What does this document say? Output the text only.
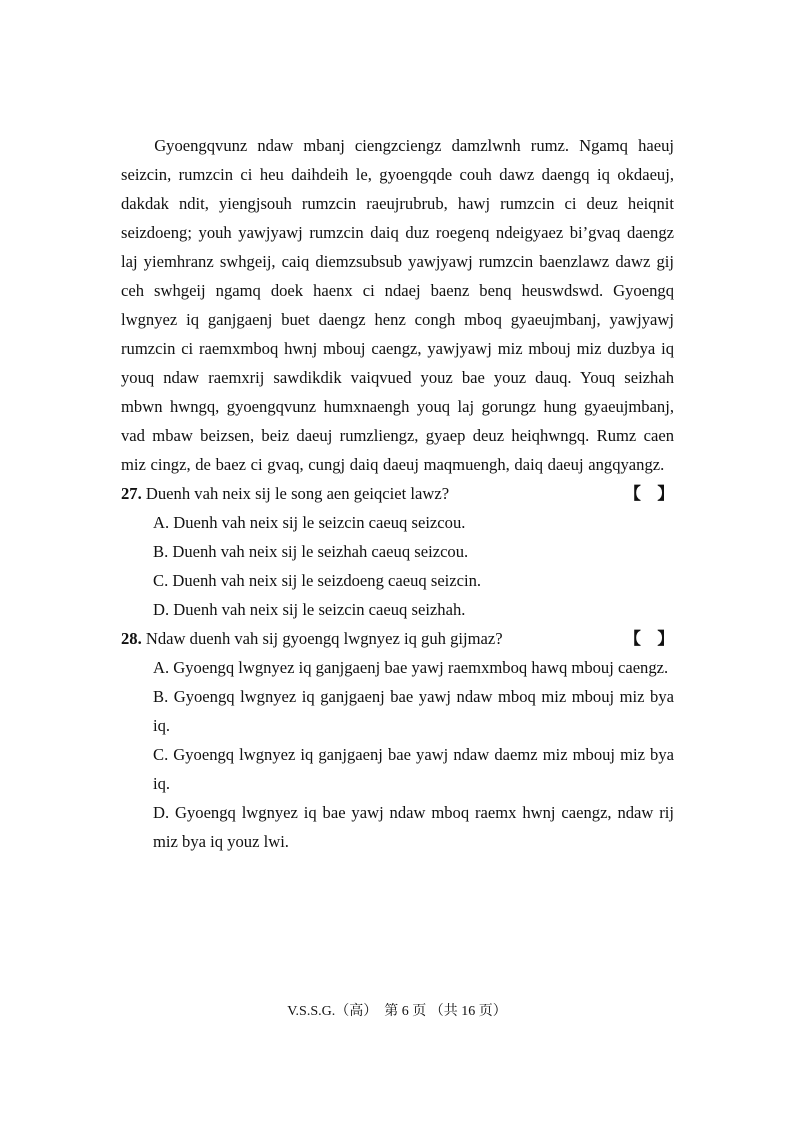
Gyoengqvunz ndaw mbanj ciengzciengz damzlwnh rumz. Ngamq haeuj seizcin, rumzcin ci heu daihdeih le, gyoengqde couh dawz daengq iq okdaeuj, dakdak ndit, yiengjsouh rumzcin raeujrubrub, hawj rumzcin ci deuz heiqnit seizdoeng; youh yawjyawj rumzcin daiq duz roegenq ndeigyaez bi’gvaq daengz laj yiemhranz swhgeij, caiq diemzsubsub yawjyawj rumzcin baenzlawz dawz gij ceh swhgeij ngamq doek haenx ci ndaej baenz benq heuswdswd. Gyoengq lwgnyez iq ganjgaenj buet daengz henz congh mboq gyaeujmbanj, yawjyawj rumzcin ci raemxmboq hwnj mbouj caengz, yawjyawj miz mbouj miz duzbya iq youq ndaw raemxrij sawdikdik vaiqvued youz bae youz dauq. Youq seizhah mbwn hwngq, gyoengqvunz humxnaengh youq laj gorungz hung gyaeujmbanj, vad mbaw beizsen, beiz daeuj rumzliengz, gyaep deuz heiqhwngq. Rumz caen miz cingz, de baez ci gvaq, cungj daiq daeuj maqmuengh, daiq daeuj angqyangz.

27. Duenh vah neix sij le song aen geiqciet lawz?	【    】

A. Duenh vah neix sij le seizcin caeuq seizcou.
B. Duenh vah neix sij le seizhah caeuq seizcou.
C. Duenh vah neix sij le seizdoeng caeuq seizcin.
D. Duenh vah neix sij le seizcin caeuq seizhah.

28. Ndaw duenh vah sij gyoengq lwgnyez iq guh gijmaz?	【    】

A. Gyoengq lwgnyez iq ganjgaenj bae yawj raemxmboq hawq mbouj caengz.
B. Gyoengq lwgnyez iq ganjgaenj bae yawj ndaw mboq miz mbouj miz bya iq.
C. Gyoengq lwgnyez iq ganjgaenj bae yawj ndaw daemz miz mbouj miz bya iq.
D. Gyoengq lwgnyez iq bae yawj ndaw mboq raemx hwnj caengz, ndaw rij miz bya iq youz lwi.
V.S.S.G.（高）　第 6 页 （共 16 页）
